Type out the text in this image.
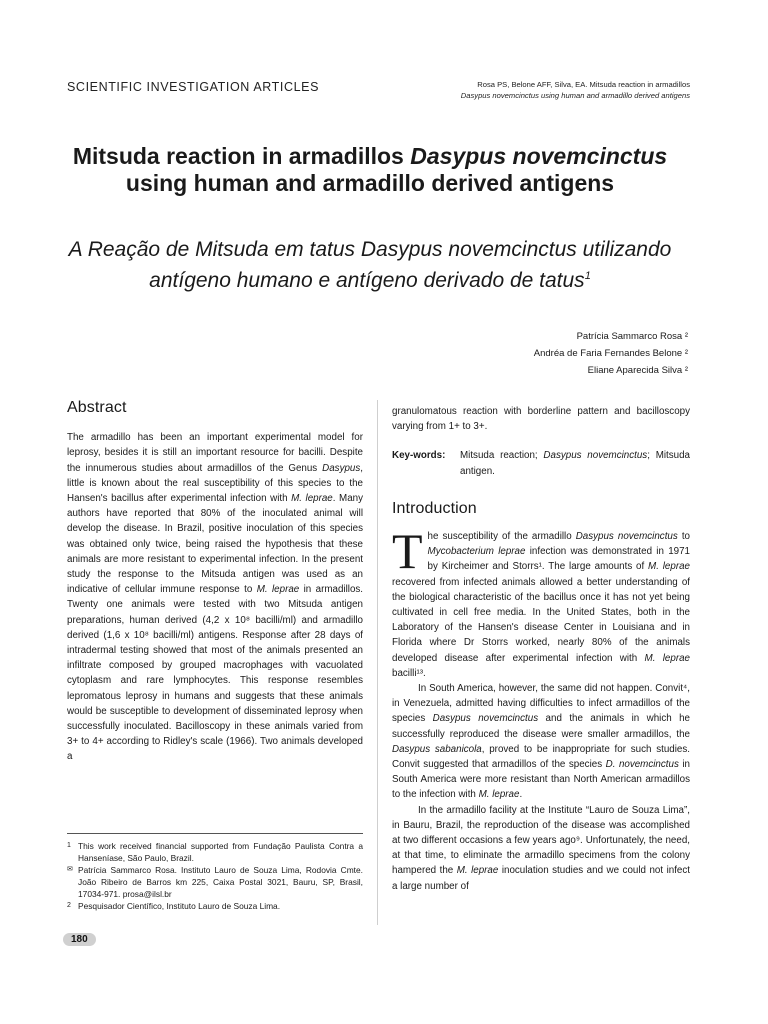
SCIENTIFIC INVESTIGATION ARTICLES	Rosa PS, Belone AFF, Silva, EA. Mitsuda reaction in armadillos
Dasypus novemcinctus using human and armadillo derived antigens
Mitsuda reaction in armadillos Dasypus novemcinctus using human and armadillo derived antigens
A Reação de Mitsuda em tatus Dasypus novemcinctus utilizando antígeno humano e antígeno derivado de tatus$^1$
Patrícia Sammarco Rosa ²
Andréa de Faria Fernandes Belone ²
Eliane Aparecida Silva ²
Abstract

The armadillo has been an important experimental model for leprosy, besides it is still an important resource for bacilli. Despite the innumerous studies about armadillos of the Genus Dasypus, little is known about the real susceptibility of this species to the Hansen's bacillus after experimental infection with M. leprae. Many authors have reported that 80% of the inoculated animal will develop the disease. In Brazil, positive inoculation of this species was obtained only twice, being raised the hypothesis that these animals are more resistant to experimental infection. In the present study the response to the Mitsuda antigen was used as an indicative of cellular immune response to M. leprae in armadillos. Twenty one animals were tested with two Mitsuda antigen preparations, human derived (4,2 x 10⁸ bacilli/ml) and armadillo derived (1,6 x 10⁸ bacilli/ml) antigens. Response after 28 days of intradermal testing showed that most of the animals presented an infiltrate composed by grouped macrophages with vacuolated cytoplasm and rare lymphocytes. This response resembles lepromatous leprosy in humans and suggests that these animals would be susceptible to development of disseminated leprosy when successfully inoculated. Bacilloscopy in these animals varied from 3+ to 4+ according to Ridley's scale (1966). Two animals developed a

1 This work received financial supported from Fundação Paulista Contra a Hanseníase, São Paulo, Brazil.
✉ Patrícia Sammarco Rosa. Instituto Lauro de Souza Lima, Rodovia Cmte. João Ribeiro de Barros km 225, Caixa Postal 3021, Bauru, SP, Brasil, 17034-971. prosa@ilsl.br
2 Pesquisador Científico, Instituto Lauro de Souza Lima.
180

granulomatous reaction with borderline pattern and bacilloscopy varying from 1+ to 3+.

Key-words:	Mitsuda reaction; Dasypus novemcinctus; Mitsuda antigen.
Introduction

The susceptibility of the armadillo Dasypus novemcinctus to Mycobacterium leprae infection was demonstrated in 1971 by Kircheimer and Storrs¹. The large amounts of M. leprae recovered from infected animals allowed a better understanding of the biological characteristic of the bacillus once it has not yet being cultivated in cell free media. In the United States, both in the Laboratory of the Hansen's disease Center in Louisiana and in Florida where Dr Storrs worked, nearly 80% of the animals developed disease after experimental infection with M. leprae bacilli¹³.

In South America, however, the same did not happen. Convit⁴, in Venezuela, admitted having difficulties to infect armadillos of the species Dasypus novemcinctus and the animals in which he successfully reproduced the disease were smaller armadillos, the Dasypus sabanicola, proved to be inappropriate for such studies. Convit suggested that armadillos of the species D. novemcinctus in South America were more resistant than North American armadillos to the infection with M. leprae.

In the armadillo facility at the Institute “Lauro de Souza Lima”, in Bauru, Brazil, the reproduction of the disease was accomplished at two different occasions a few years ago⁹. Unfortunately, the need, at that time, to eliminate the armadillo specimens from the colony hampered the M. leprae inoculation studies and we could not infect a large number of
